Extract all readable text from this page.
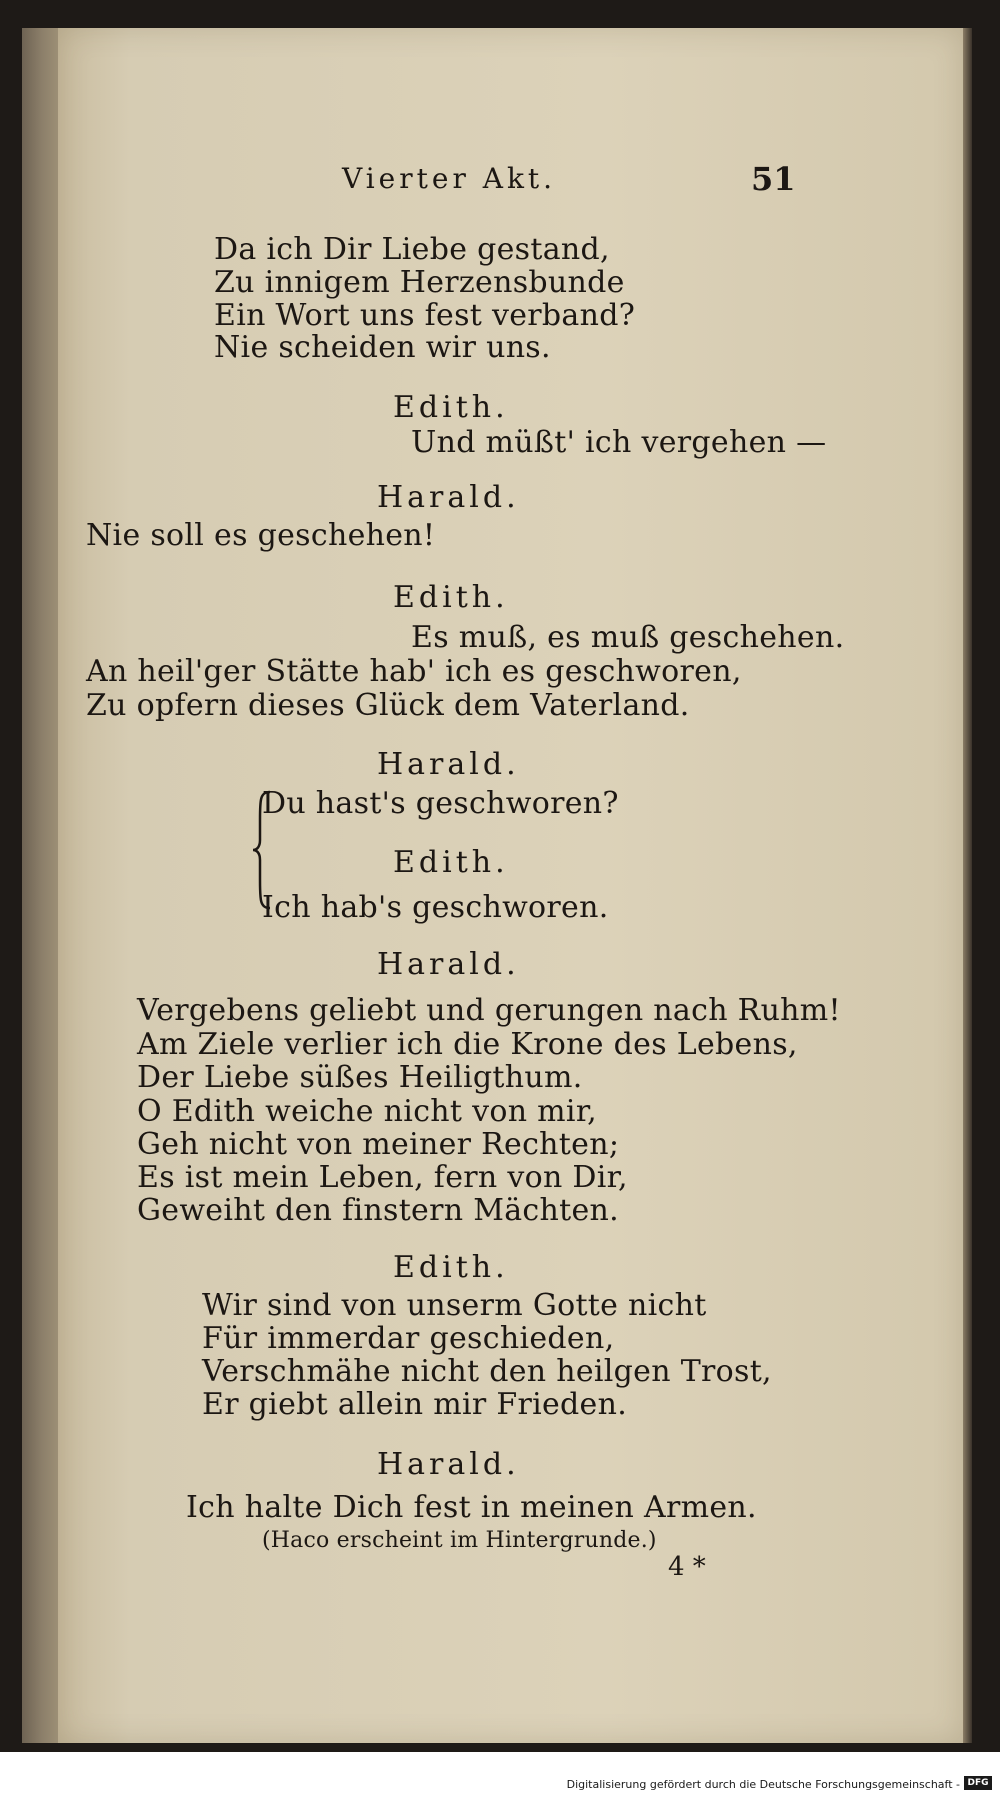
Vierter Akt.	51
Da ich Dir Liebe gestand,
Zu innigem Herzensbunde
Ein Wort uns fest verband?
Nie scheiden wir uns.
Edith.
Und müßt' ich vergehen —
Harald.
Nie soll es geschehen!
Edith.
Es muß, es muß geschehen.
An heil'ger Stätte hab' ich es geschworen,
Zu opfern dieses Glück dem Vaterland.
Harald.
Du hast's geschworen?
Edith.
Ich hab's geschworen.
Harald.
Vergebens geliebt und gerungen nach Ruhm!
Am Ziele verlier ich die Krone des Lebens,
Der Liebe süßes Heiligthum.
O Edith weiche nicht von mir,
Geh nicht von meiner Rechten;
Es ist mein Leben, fern von Dir,
Geweiht den finstern Mächten.
Edith.
Wir sind von unserm Gotte nicht
Für immerdar geschieden,
Verschmähe nicht den heilgen Trost,
Er giebt allein mir Frieden.
Harald.
Ich halte Dich fest in meinen Armen.
(Haco erscheint im Hintergrunde.)
4 *
Digitalisierung gefördert durch die Deutsche Forschungsgemeinschaft - DFG
